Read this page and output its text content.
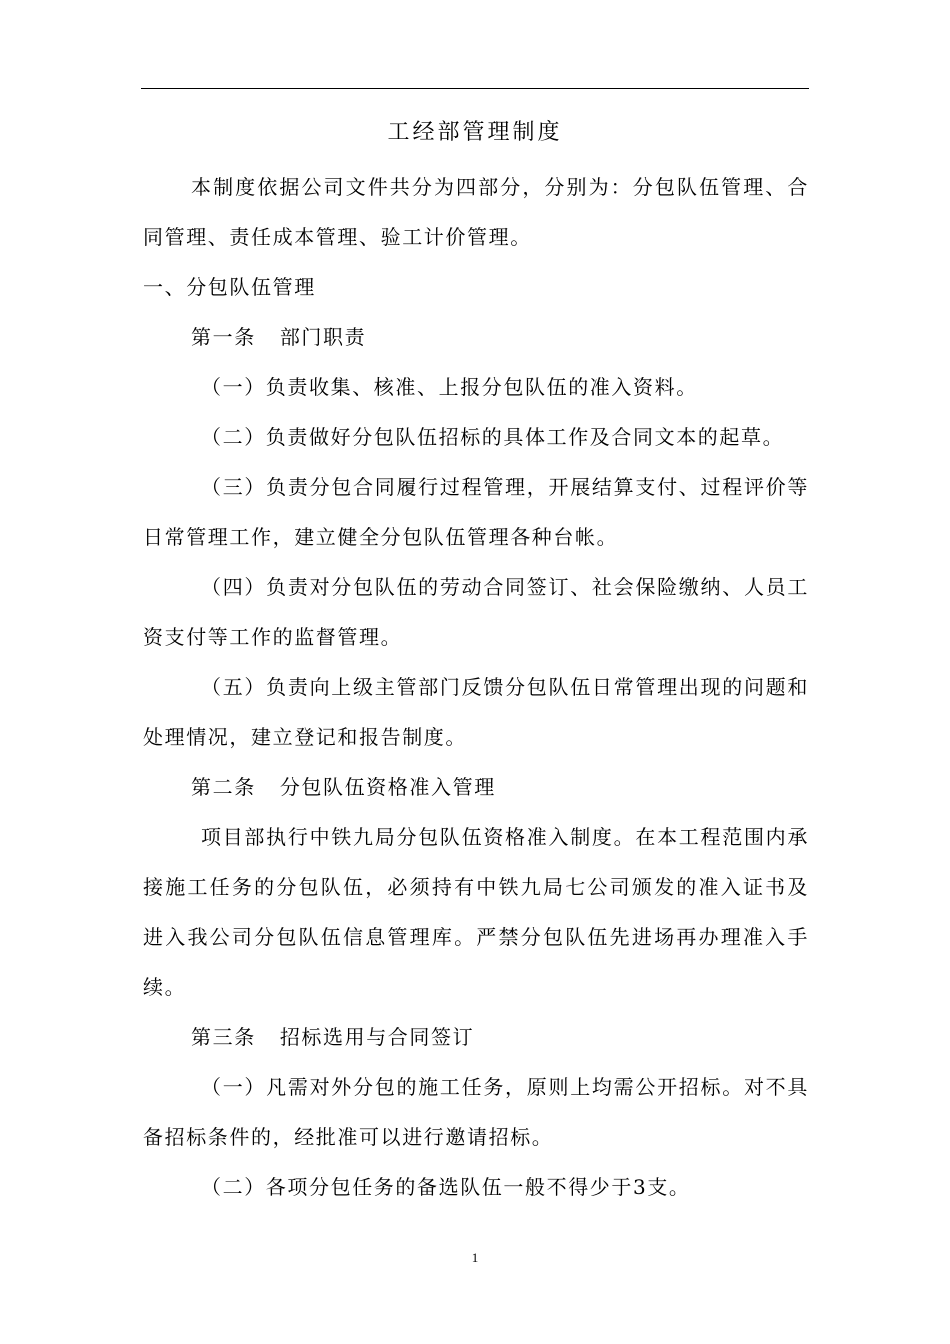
工经部管理制度

本制度依据公司文件共分为四部分，分别为：分包队伍管理、合同管理、责任成本管理、验工计价管理。

一、分包队伍管理

第一条 部门职责

（一）负责收集、核准、上报分包队伍的准入资料。

（二）负责做好分包队伍招标的具体工作及合同文本的起草。

（三）负责分包合同履行过程管理，开展结算支付、过程评价等日常管理工作，建立健全分包队伍管理各种台帐。

（四）负责对分包队伍的劳动合同签订、社会保险缴纳、人员工资支付等工作的监督管理。

（五）负责向上级主管部门反馈分包队伍日常管理出现的问题和处理情况，建立登记和报告制度。

第二条 分包队伍资格准入管理

项目部执行中铁九局分包队伍资格准入制度。在本工程范围内承接施工任务的分包队伍，必须持有中铁九局七公司颁发的准入证书及进入我公司分包队伍信息管理库。严禁分包队伍先进场再办理准入手续。

第三条 招标选用与合同签订

（一）凡需对外分包的施工任务，原则上均需公开招标。对不具备招标条件的，经批准可以进行邀请招标。

（二）各项分包任务的备选队伍一般不得少于3支。

1
